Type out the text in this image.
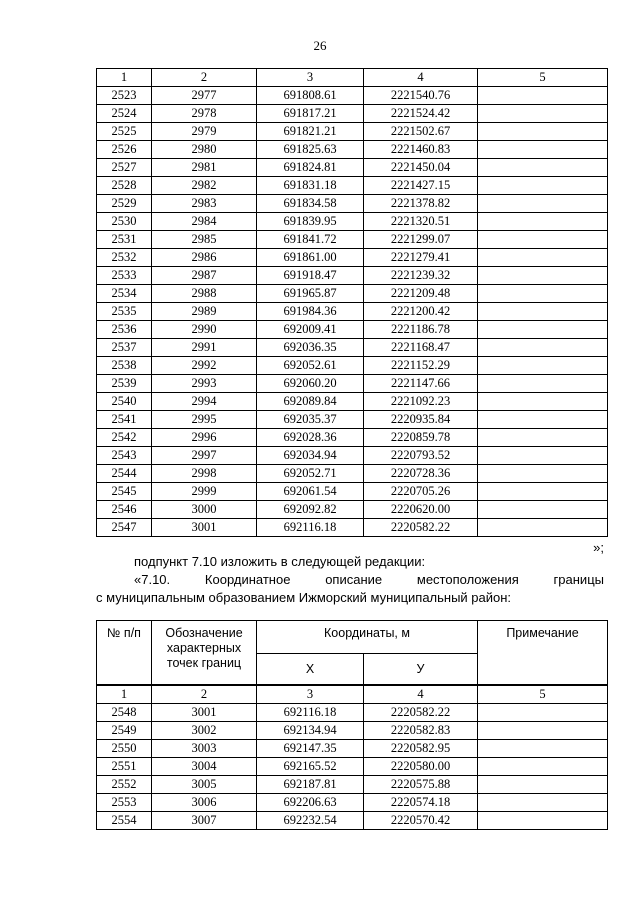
26
1	2	3	4	5
2523	2977	691808.61	2221540.76	
2524	2978	691817.21	2221524.42	
2525	2979	691821.21	2221502.67	
2526	2980	691825.63	2221460.83	
2527	2981	691824.81	2221450.04	
2528	2982	691831.18	2221427.15	
2529	2983	691834.58	2221378.82	
2530	2984	691839.95	2221320.51	
2531	2985	691841.72	2221299.07	
2532	2986	691861.00	2221279.41	
2533	2987	691918.47	2221239.32	
2534	2988	691965.87	2221209.48	
2535	2989	691984.36	2221200.42	
2536	2990	692009.41	2221186.78	
2537	2991	692036.35	2221168.47	
2538	2992	692052.61	2221152.29	
2539	2993	692060.20	2221147.66	
2540	2994	692089.84	2221092.23	
2541	2995	692035.37	2220935.84	
2542	2996	692028.36	2220859.78	
2543	2997	692034.94	2220793.52	
2544	2998	692052.71	2220728.36	
2545	2999	692061.54	2220705.26	
2546	3000	692092.82	2220620.00	
2547	3001	692116.18	2220582.22	
»;
подпункт 7.10 изложить в следующей редакции:
«7.10.	Координатное	описание	местоположения	границы
с муниципальным образованием Ижморский муниципальный район:
№ п/п	Обозначение характерных точек границ	Координаты, м		Примечание
		Х	У	
1	2	3	4	5
2548	3001	692116.18	2220582.22	
2549	3002	692134.94	2220582.83	
2550	3003	692147.35	2220582.95	
2551	3004	692165.52	2220580.00	
2552	3005	692187.81	2220575.88	
2553	3006	692206.63	2220574.18	
2554	3007	692232.54	2220570.42	
